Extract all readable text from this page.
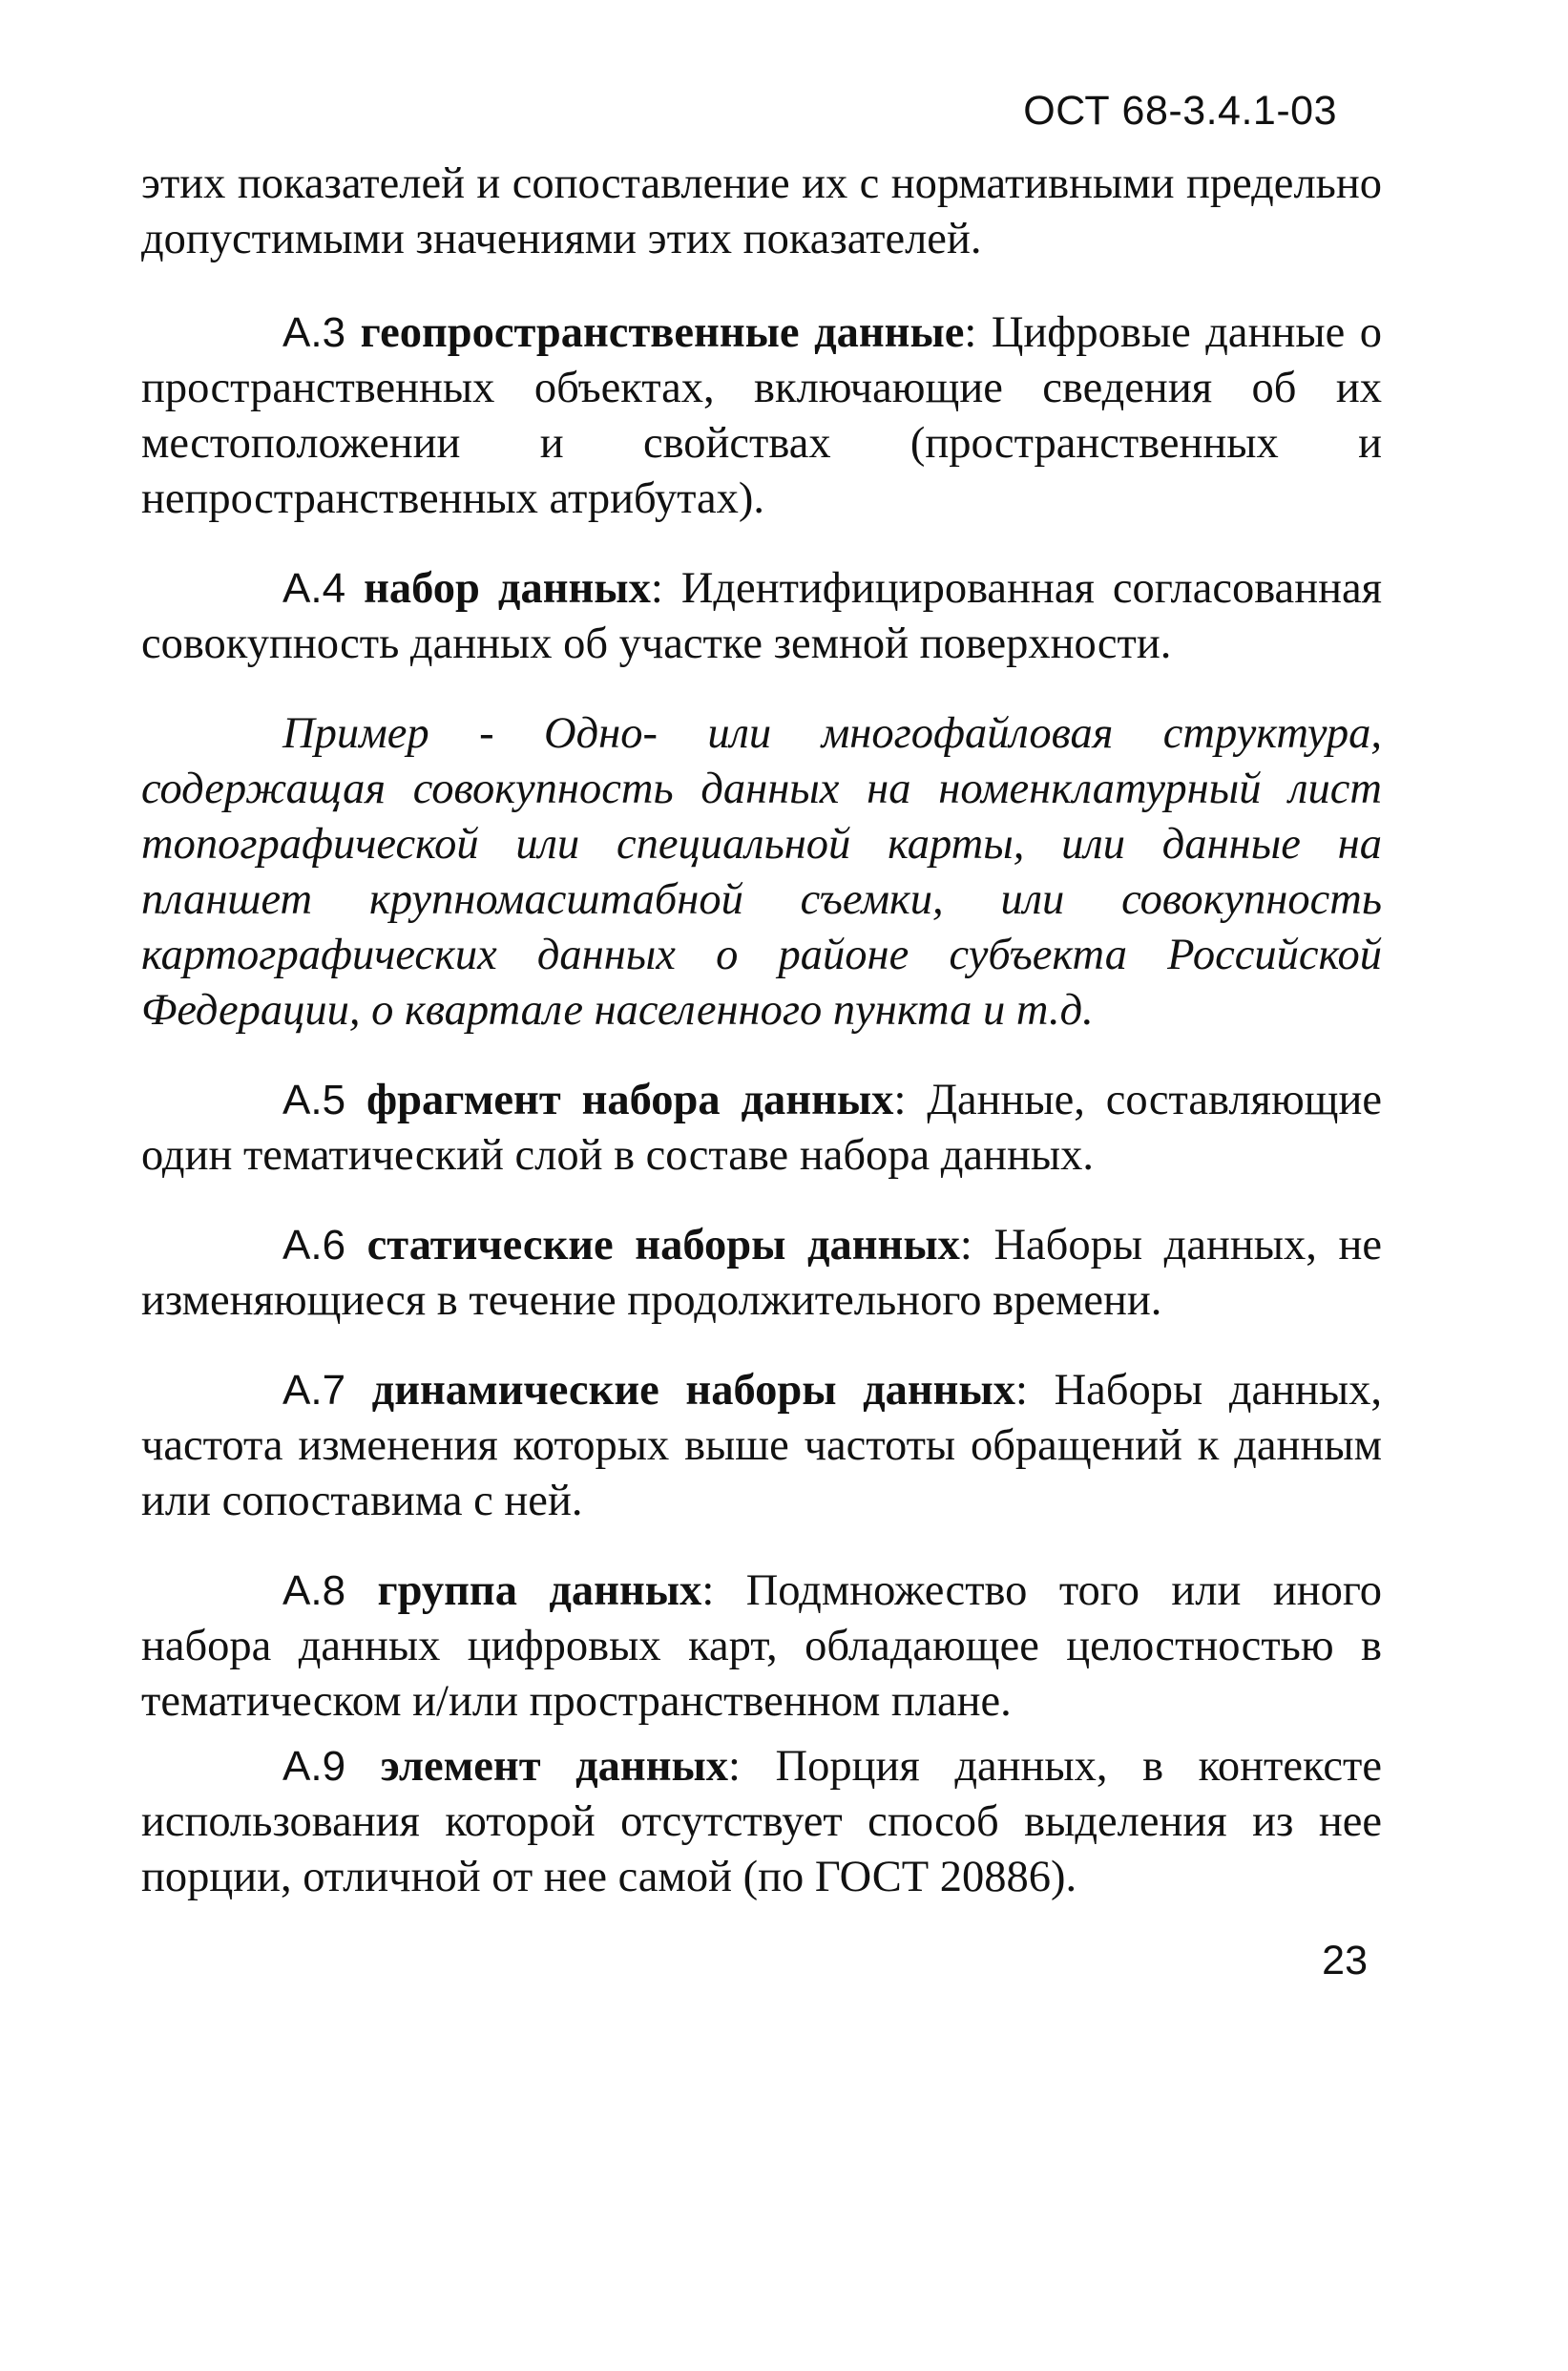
ОСТ 68-3.4.1-03

этих показателей и сопоставление их с нормативными предельно допустимыми значениями этих показателей.

А.3 геопространственные данные: Цифровые данные о пространственных объектах, включающие сведения об их местоположении и свойствах (пространственных и непространственных атрибутах).

А.4 набор данных: Идентифицированная согласованная совокупность данных об участке земной поверхности.

Пример - Одно- или многофайловая структура, содержащая совокупность данных на номенклатурный лист топографической или специальной карты, или данные на планшет крупномасштабной съемки, или совокупность картографических данных о районе субъекта Российской Федерации, о квартале населенного пункта и т.д.

А.5 фрагмент набора данных: Данные, составляющие один тематический слой в составе набора данных.

А.6 статические наборы данных: Наборы данных, не изменяющиеся в течение продолжительного времени.

А.7 динамические наборы данных: Наборы данных, частота изменения которых выше частоты обращений к данным или сопоставима с ней.

А.8 группа данных: Подмножество того или иного набора данных цифровых карт, обладающее целостностью в тематическом и/или пространственном плане.

А.9 элемент данных: Порция данных, в контексте использования которой отсутствует способ выделения из нее порции, отличной от нее самой (по ГОСТ 20886).

23
